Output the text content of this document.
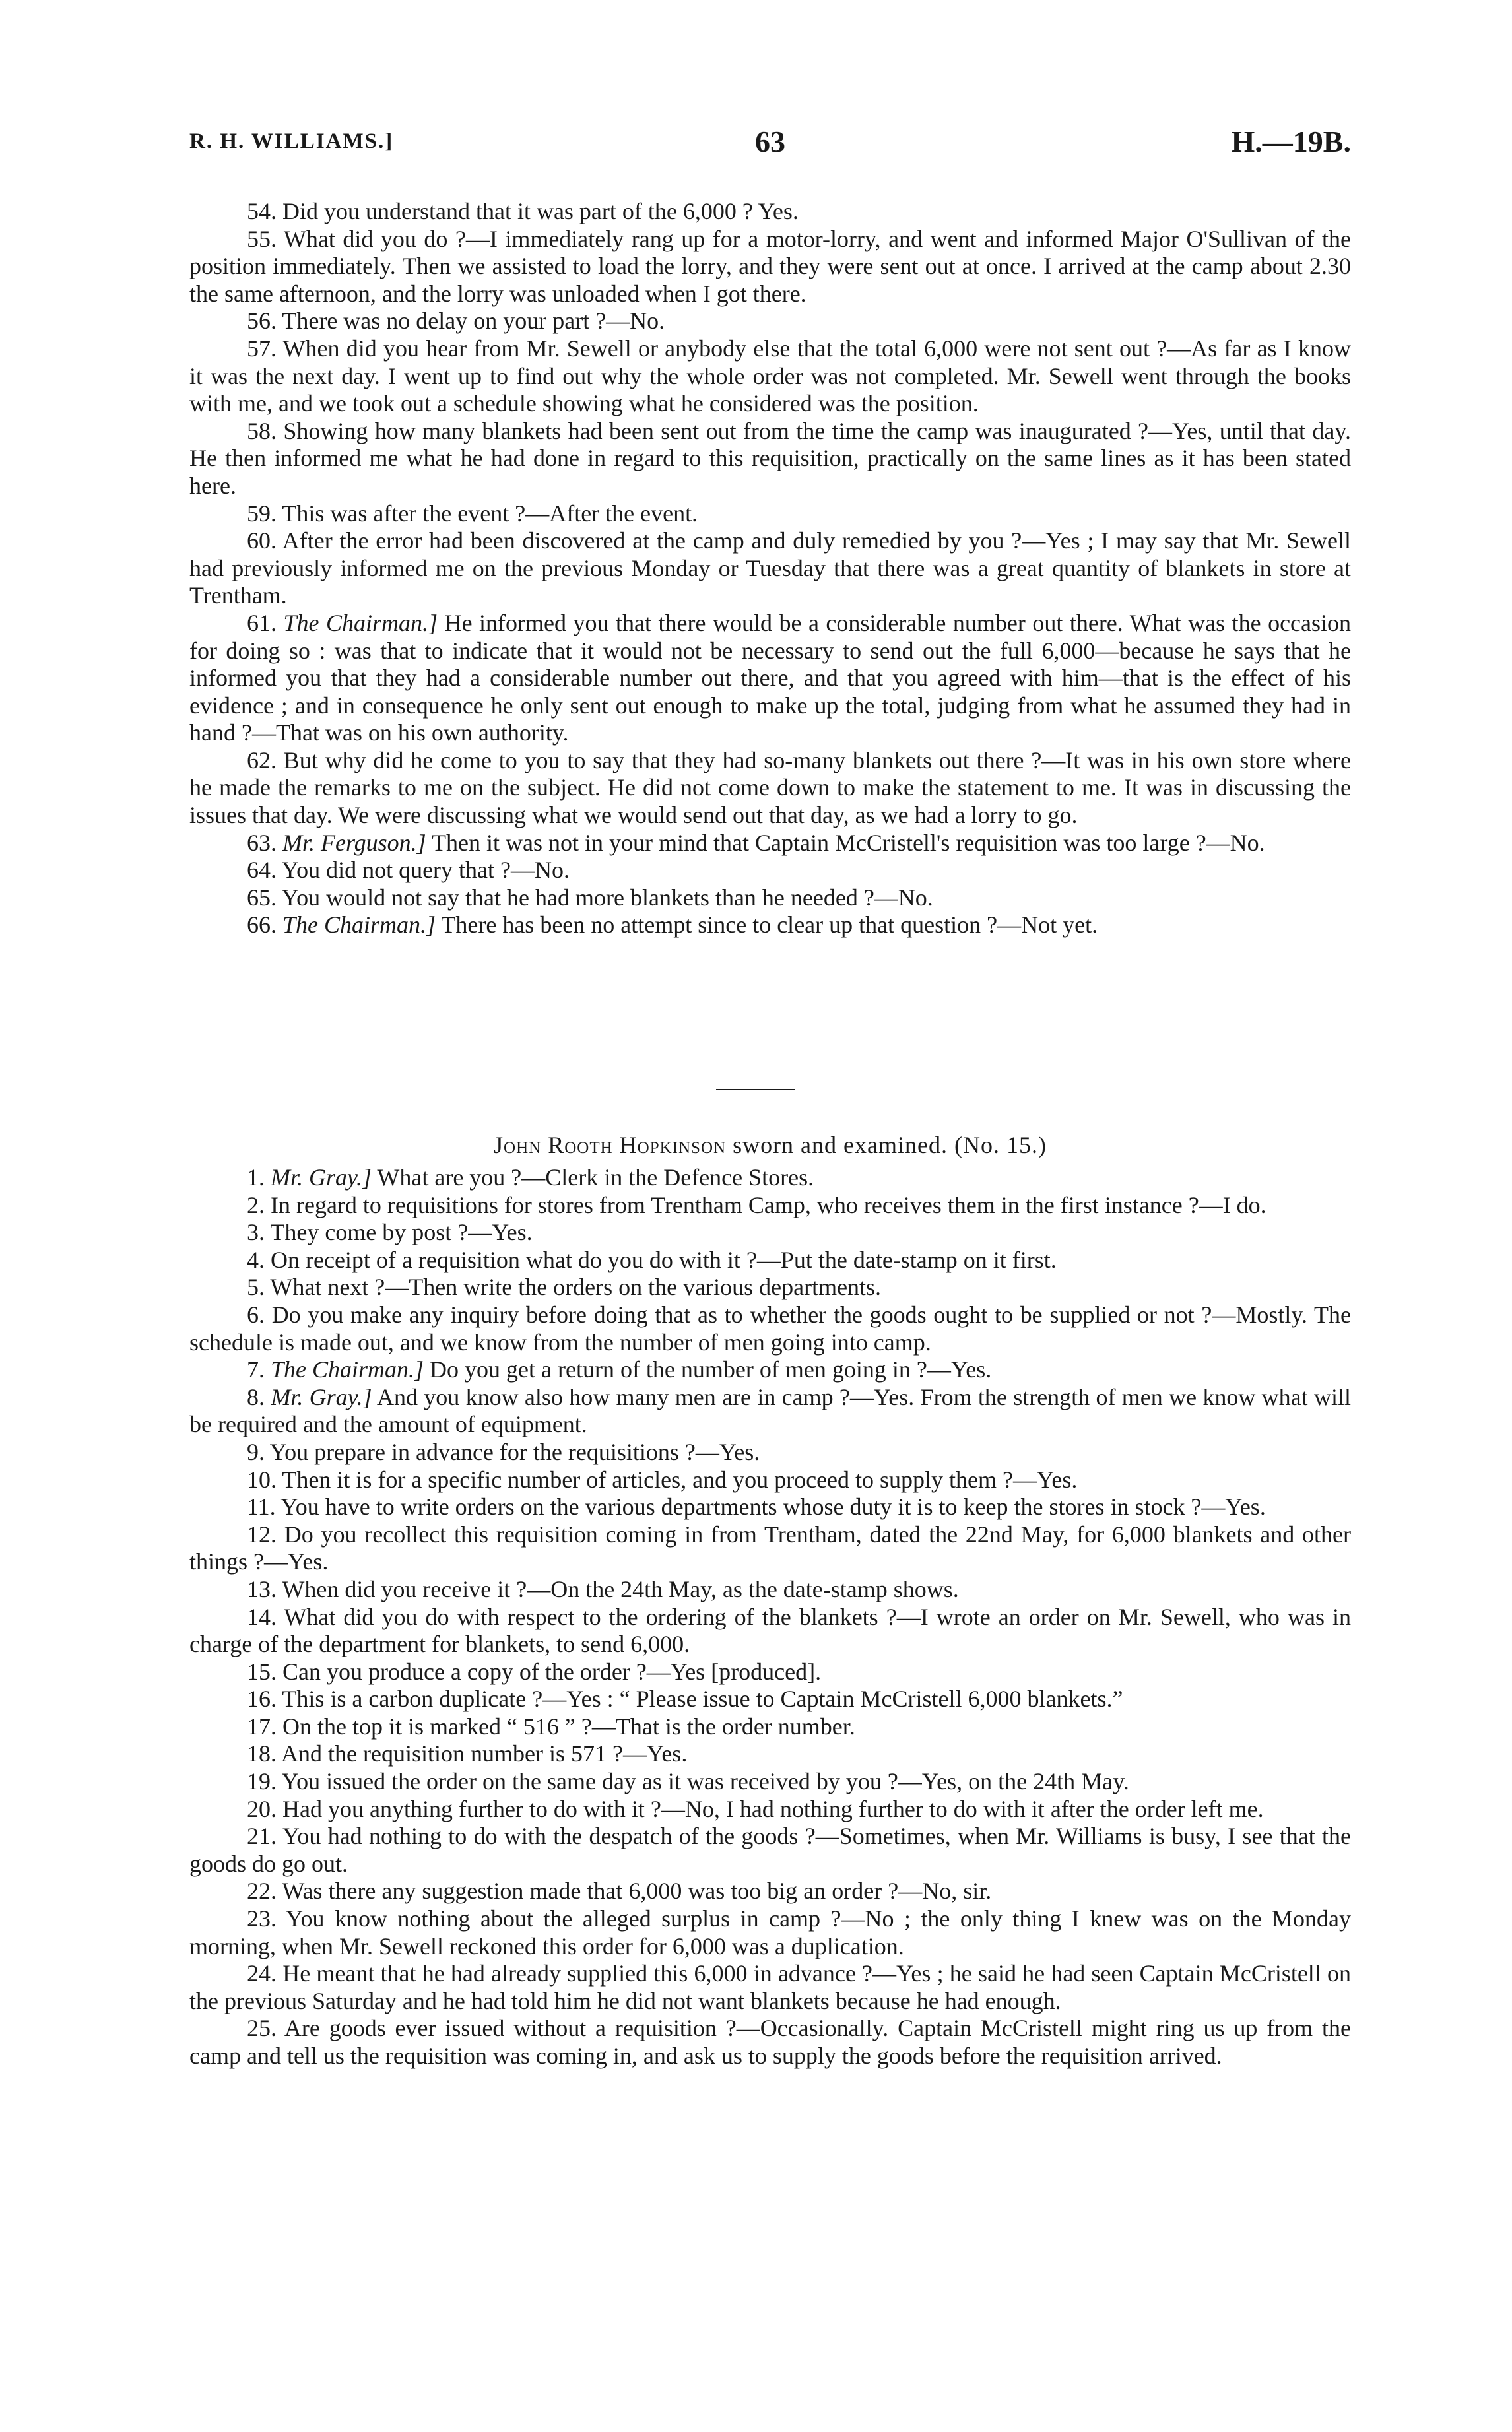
R. H. WILLIAMS.]	63	H.—19B.

54. Did you understand that it was part of the 6,000 ? Yes.

55. What did you do ?—I immediately rang up for a motor-lorry, and went and informed Major O'Sullivan of the position immediately. Then we assisted to load the lorry, and they were sent out at once. I arrived at the camp about 2.30 the same afternoon, and the lorry was unloaded when I got there.

56. There was no delay on your part ?—No.

57. When did you hear from Mr. Sewell or anybody else that the total 6,000 were not sent out ?—As far as I know it was the next day. I went up to find out why the whole order was not completed. Mr. Sewell went through the books with me, and we took out a schedule showing what he considered was the position.

58. Showing how many blankets had been sent out from the time the camp was inaugurated ?—Yes, until that day. He then informed me what he had done in regard to this requisition, practically on the same lines as it has been stated here.

59. This was after the event ?—After the event.

60. After the error had been discovered at the camp and duly remedied by you ?—Yes ; I may say that Mr. Sewell had previously informed me on the previous Monday or Tuesday that there was a great quantity of blankets in store at Trentham.

61. The Chairman.] He informed you that there would be a considerable number out there. What was the occasion for doing so : was that to indicate that it would not be necessary to send out the full 6,000—because he says that he informed you that they had a considerable number out there, and that you agreed with him—that is the effect of his evidence ; and in consequence he only sent out enough to make up the total, judging from what he assumed they had in hand ?—That was on his own authority.

62. But why did he come to you to say that they had so-many blankets out there ?—It was in his own store where he made the remarks to me on the subject. He did not come down to make the statement to me. It was in discussing the issues that day. We were discussing what we would send out that day, as we had a lorry to go.

63. Mr. Ferguson.] Then it was not in your mind that Captain McCristell's requisition was too large ?—No.

64. You did not query that ?—No.

65. You would not say that he had more blankets than he needed ?—No.

66. The Chairman.] There has been no attempt since to clear up that question ?—Not yet.

John Rooth Hopkinson sworn and examined. (No. 15.)

1. Mr. Gray.] What are you ?—Clerk in the Defence Stores.

2. In regard to requisitions for stores from Trentham Camp, who receives them in the first instance ?—I do.

3. They come by post ?—Yes.

4. On receipt of a requisition what do you do with it ?—Put the date-stamp on it first.

5. What next ?—Then write the orders on the various departments.

6. Do you make any inquiry before doing that as to whether the goods ought to be supplied or not ?—Mostly. The schedule is made out, and we know from the number of men going into camp.

7. The Chairman.] Do you get a return of the number of men going in ?—Yes.

8. Mr. Gray.] And you know also how many men are in camp ?—Yes. From the strength of men we know what will be required and the amount of equipment.

9. You prepare in advance for the requisitions ?—Yes.

10. Then it is for a specific number of articles, and you proceed to supply them ?—Yes.

11. You have to write orders on the various departments whose duty it is to keep the stores in stock ?—Yes.

12. Do you recollect this requisition coming in from Trentham, dated the 22nd May, for 6,000 blankets and other things ?—Yes.

13. When did you receive it ?—On the 24th May, as the date-stamp shows.

14. What did you do with respect to the ordering of the blankets ?—I wrote an order on Mr. Sewell, who was in charge of the department for blankets, to send 6,000.

15. Can you produce a copy of the order ?—Yes [produced].

16. This is a carbon duplicate ?—Yes : “ Please issue to Captain McCristell 6,000 blankets.”

17. On the top it is marked “ 516 ” ?—That is the order number.

18. And the requisition number is 571 ?—Yes.

19. You issued the order on the same day as it was received by you ?—Yes, on the 24th May.

20. Had you anything further to do with it ?—No, I had nothing further to do with it after the order left me.

21. You had nothing to do with the despatch of the goods ?—Sometimes, when Mr. Williams is busy, I see that the goods do go out.

22. Was there any suggestion made that 6,000 was too big an order ?—No, sir.

23. You know nothing about the alleged surplus in camp ?—No ; the only thing I knew was on the Monday morning, when Mr. Sewell reckoned this order for 6,000 was a duplication.

24. He meant that he had already supplied this 6,000 in advance ?—Yes ; he said he had seen Captain McCristell on the previous Saturday and he had told him he did not want blankets because he had enough.

25. Are goods ever issued without a requisition ?—Occasionally. Captain McCristell might ring us up from the camp and tell us the requisition was coming in, and ask us to supply the goods before the requisition arrived.
